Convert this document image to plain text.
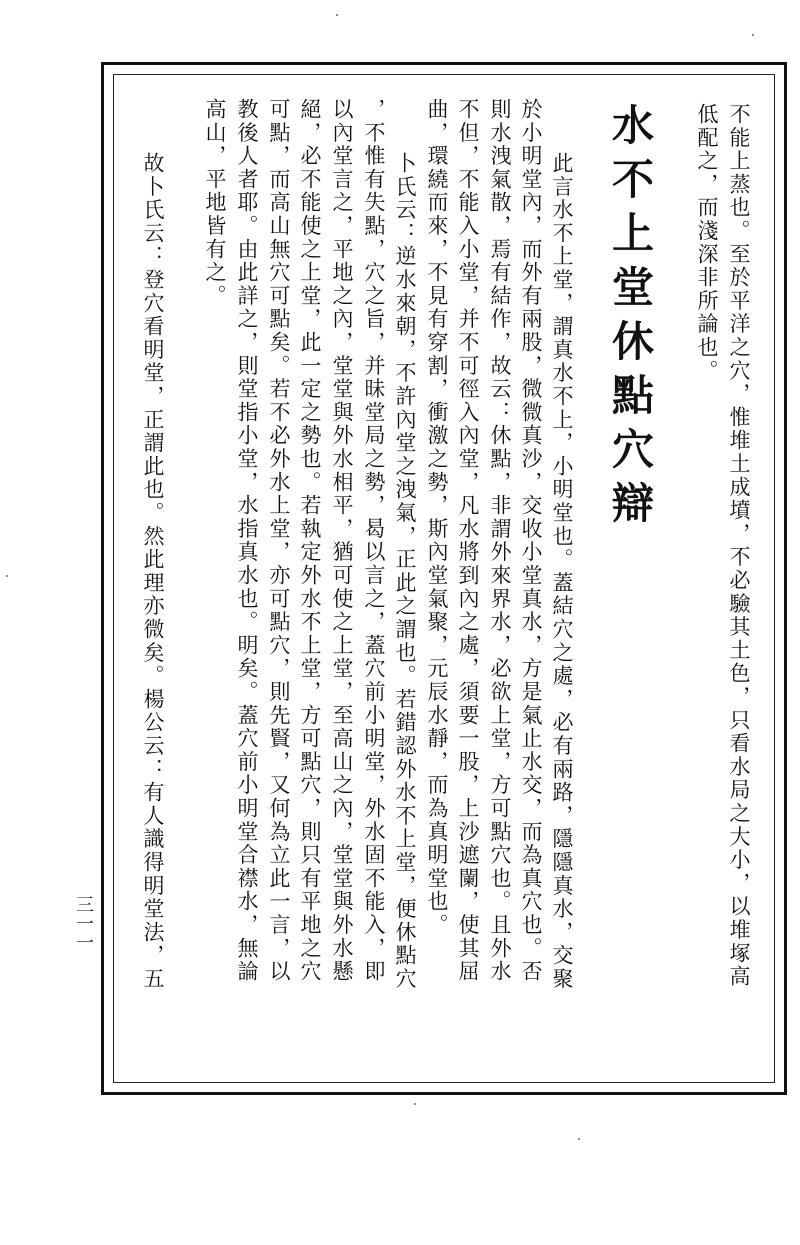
不能上蒸也。至於平洋之穴，惟堆土成墳，不必驗其土色，只看水局之大小，以堆塚高
低配之，而淺深非所論也。
水不上堂休點穴辯
此言水不上堂，謂真水不上，小明堂也。蓋結穴之處，必有兩路，隱隱真水，交聚
於小明堂內，而外有兩股，微微真沙，交收小堂真水，方是氣止水交，而為真穴也。否
則水洩氣散，焉有結作，故云：休點，非謂外來界水，必欲上堂，方可點穴也。且外水
不但，不能入小堂，并不可徑入內堂，凡水將到內之處，須要一股，上沙遮闌，使其屈
曲，環繞而來，不見有穿割，衝激之勢，斯內堂氣聚，元辰水靜，而為真明堂也。
卜氏云：逆水來朝，不許內堂之洩氣，正此之謂也。若錯認外水不上堂，便休點穴
，不惟有失點，穴之旨，并昧堂局之勢，曷以言之，蓋穴前小明堂，外水固不能入，即
以內堂言之，平地之內，堂堂與外水相平，猶可使之上堂，至高山之內，堂堂與外水懸
絕，必不能使之上堂，此一定之勢也。若執定外水不上堂，方可點穴，則只有平地之穴
可點，而高山無穴可點矣。若不必外水上堂，亦可點穴，則先賢，又何為立此一言，以
教後人者耶。由此詳之，則堂指小堂，水指真水也。明矣。蓋穴前小明堂合襟水，無論
高山，平地皆有之。
故卜氏云：登穴看明堂，正謂此也。然此理亦微矣。楊公云：有人識得明堂法，五
三一一
